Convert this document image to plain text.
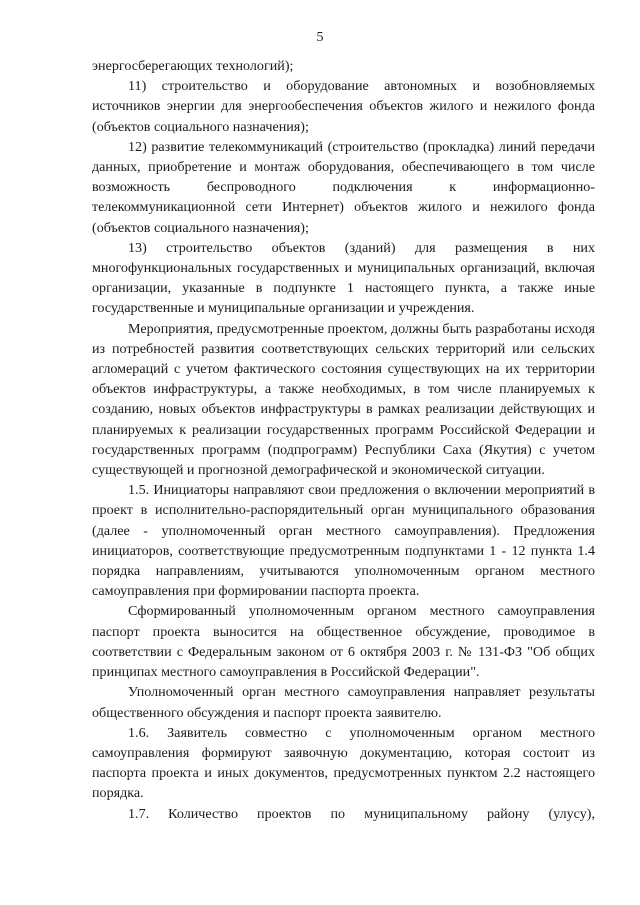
5

энергосберегающих технологий);

11) строительство и оборудование автономных и возобновляемых источников энергии для энергообеспечения объектов жилого и нежилого фонда (объектов социального назначения);

12) развитие телекоммуникаций (строительство (прокладка) линий передачи данных, приобретение и монтаж оборудования, обеспечивающего в том числе возможность беспроводного подключения к информационно-телекоммуникационной сети Интернет) объектов жилого и нежилого фонда (объектов социального назначения);

13) строительство объектов (зданий) для размещения в них многофункциональных государственных и муниципальных организаций, включая организации, указанные в подпункте 1 настоящего пункта, а также иные государственные и муниципальные организации и учреждения.

Мероприятия, предусмотренные проектом, должны быть разработаны исходя из потребностей развития соответствующих сельских территорий или сельских агломераций с учетом фактического состояния существующих на их территории объектов инфраструктуры, а также необходимых, в том числе планируемых к созданию, новых объектов инфраструктуры в рамках реализации действующих и планируемых к реализации государственных программ Российской Федерации и государственных программ (подпрограмм) Республики Саха (Якутия) с учетом существующей и прогнозной демографической и экономической ситуации.

1.5. Инициаторы направляют свои предложения о включении мероприятий в проект в исполнительно-распорядительный орган муниципального образования (далее - уполномоченный орган местного самоуправления). Предложения инициаторов, соответствующие предусмотренным подпунктами 1 - 12 пункта 1.4 порядка направлениям, учитываются уполномоченным органом местного самоуправления при формировании паспорта проекта.

Сформированный уполномоченным органом местного самоуправления паспорт проекта выносится на общественное обсуждение, проводимое в соответствии с Федеральным законом от 6 октября 2003 г. № 131-ФЗ "Об общих принципах местного самоуправления в Российской Федерации".

Уполномоченный орган местного самоуправления направляет результаты общественного обсуждения и паспорт проекта заявителю.

1.6. Заявитель совместно с уполномоченным органом местного самоуправления формируют заявочную документацию, которая состоит из паспорта проекта и иных документов, предусмотренных пунктом 2.2 настоящего порядка.

1.7. Количество проектов по муниципальному району (улусу),
